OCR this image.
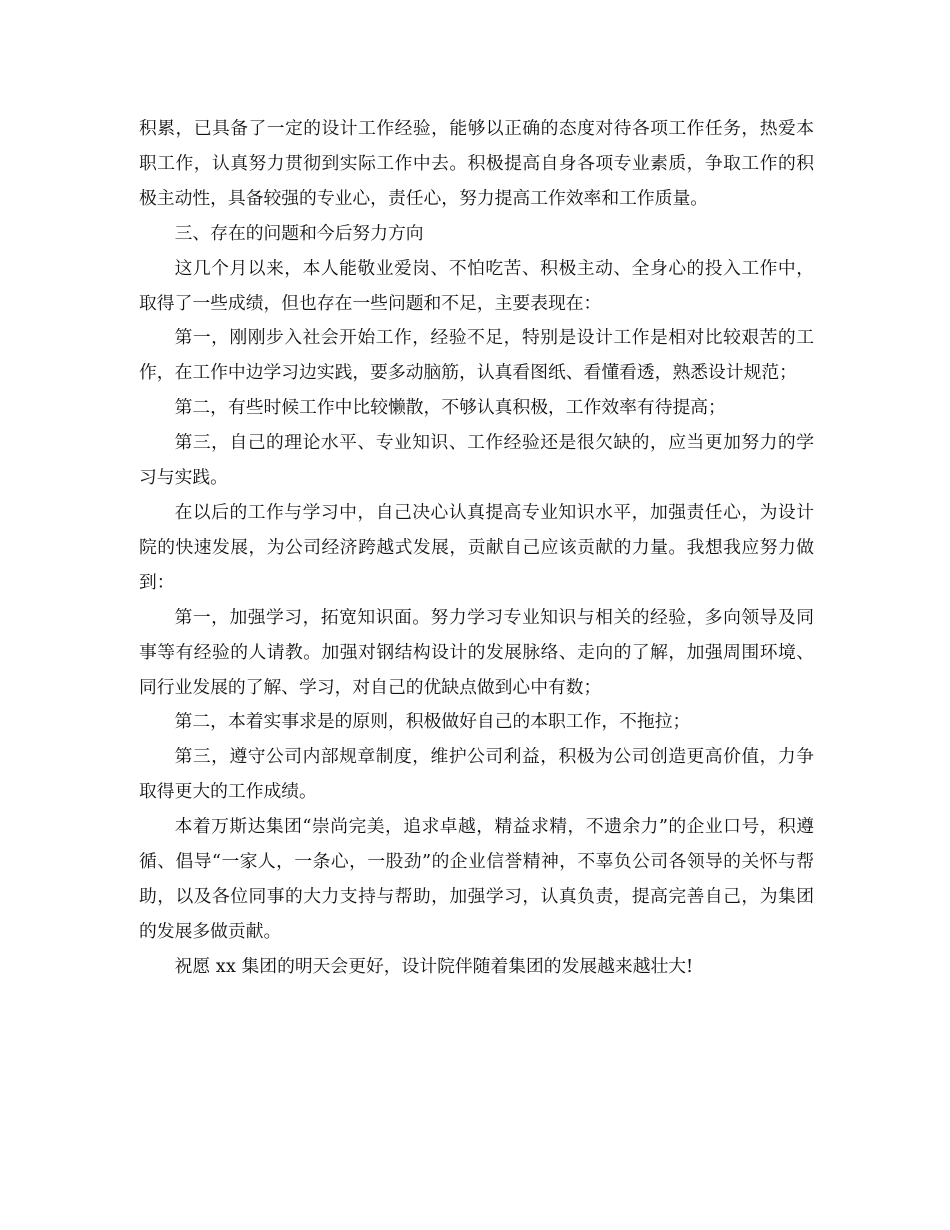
积累，已具备了一定的设计工作经验，能够以正确的态度对待各项工作任务，热爱本职工作，认真努力贯彻到实际工作中去。积极提高自身各项专业素质，争取工作的积极主动性，具备较强的专业心，责任心，努力提高工作效率和工作质量。

三、存在的问题和今后努力方向

这几个月以来，本人能敬业爱岗、不怕吃苦、积极主动、全身心的投入工作中，取得了一些成绩，但也存在一些问题和不足，主要表现在：

第一，刚刚步入社会开始工作，经验不足，特别是设计工作是相对比较艰苦的工作，在工作中边学习边实践，要多动脑筋，认真看图纸、看懂看透，熟悉设计规范；

第二，有些时候工作中比较懒散，不够认真积极，工作效率有待提高；

第三，自己的理论水平、专业知识、工作经验还是很欠缺的，应当更加努力的学习与实践。

在以后的工作与学习中，自己决心认真提高专业知识水平，加强责任心，为设计院的快速发展，为公司经济跨越式发展，贡献自己应该贡献的力量。我想我应努力做到：

第一，加强学习，拓宽知识面。努力学习专业知识与相关的经验，多向领导及同事等有经验的人请教。加强对钢结构设计的发展脉络、走向的了解，加强周围环境、同行业发展的了解、学习，对自己的优缺点做到心中有数；

第二，本着实事求是的原则，积极做好自己的本职工作，不拖拉；

第三，遵守公司内部规章制度，维护公司利益，积极为公司创造更高价值，力争取得更大的工作成绩。

本着万斯达集团“崇尚完美，追求卓越，精益求精，不遗余力”的企业口号，积遵循、倡导“一家人，一条心，一股劲”的企业信誉精神，不辜负公司各领导的关怀与帮助，以及各位同事的大力支持与帮助，加强学习，认真负责，提高完善自己，为集团的发展多做贡献。

祝愿 xx 集团的明天会更好，设计院伴随着集团的发展越来越壮大!
